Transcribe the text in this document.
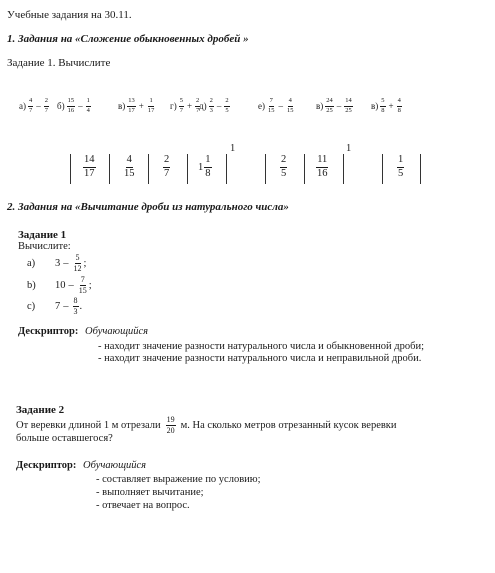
Учебные задания на 30.11.
1. Задания на «Сложение обыкновенных дробей »
Задание 1. Вычислите
$а) \frac{4}{7} - \frac{2}{7} б) \frac{15}{16} - \frac{1}{4}$	$в) \frac{13}{17} + \frac{1}{17} г) \frac{5}{7} + \frac{2}{7}$
$д) \frac{2}{3} - \frac{2}{5}$	$е) \frac{7}{15} - \frac{4}{15} в) \frac{24}{25} - \frac{14}{25} в) \frac{5}{8} + \frac{4}{8}$
$\frac{14}{17}$	$\frac{4}{15}$	$\frac{2}{7}$	$1 \frac{1}{8}$
1
$\frac{2}{5}$	$\frac{11}{16}$
1
$\frac{1}{5}$
2. Задания на «Вычитание дроби из натурального числа»
Задание 1
Вычислите:
а)	$3 - \frac{5}{12}$ ;
b)	$10 - \frac{7}{15}$ ;
c)	$7 - \frac{8}{3}$ .
Дескриптор: Обучающийся
- находит значение разности натурального числа и обыкновенной дроби;
- находит значение разности натурального числа и неправильной дроби.
Задание 2
От веревки длиной 1 м отрезали $\frac{19}{20} м$. На сколько метров отрезанный кусок веревки
больше оставшегося?
Дескриптор: Обучающийся
- составляет выражение по условию;
- выполняет вычитание;
- отвечает на вопрос.
